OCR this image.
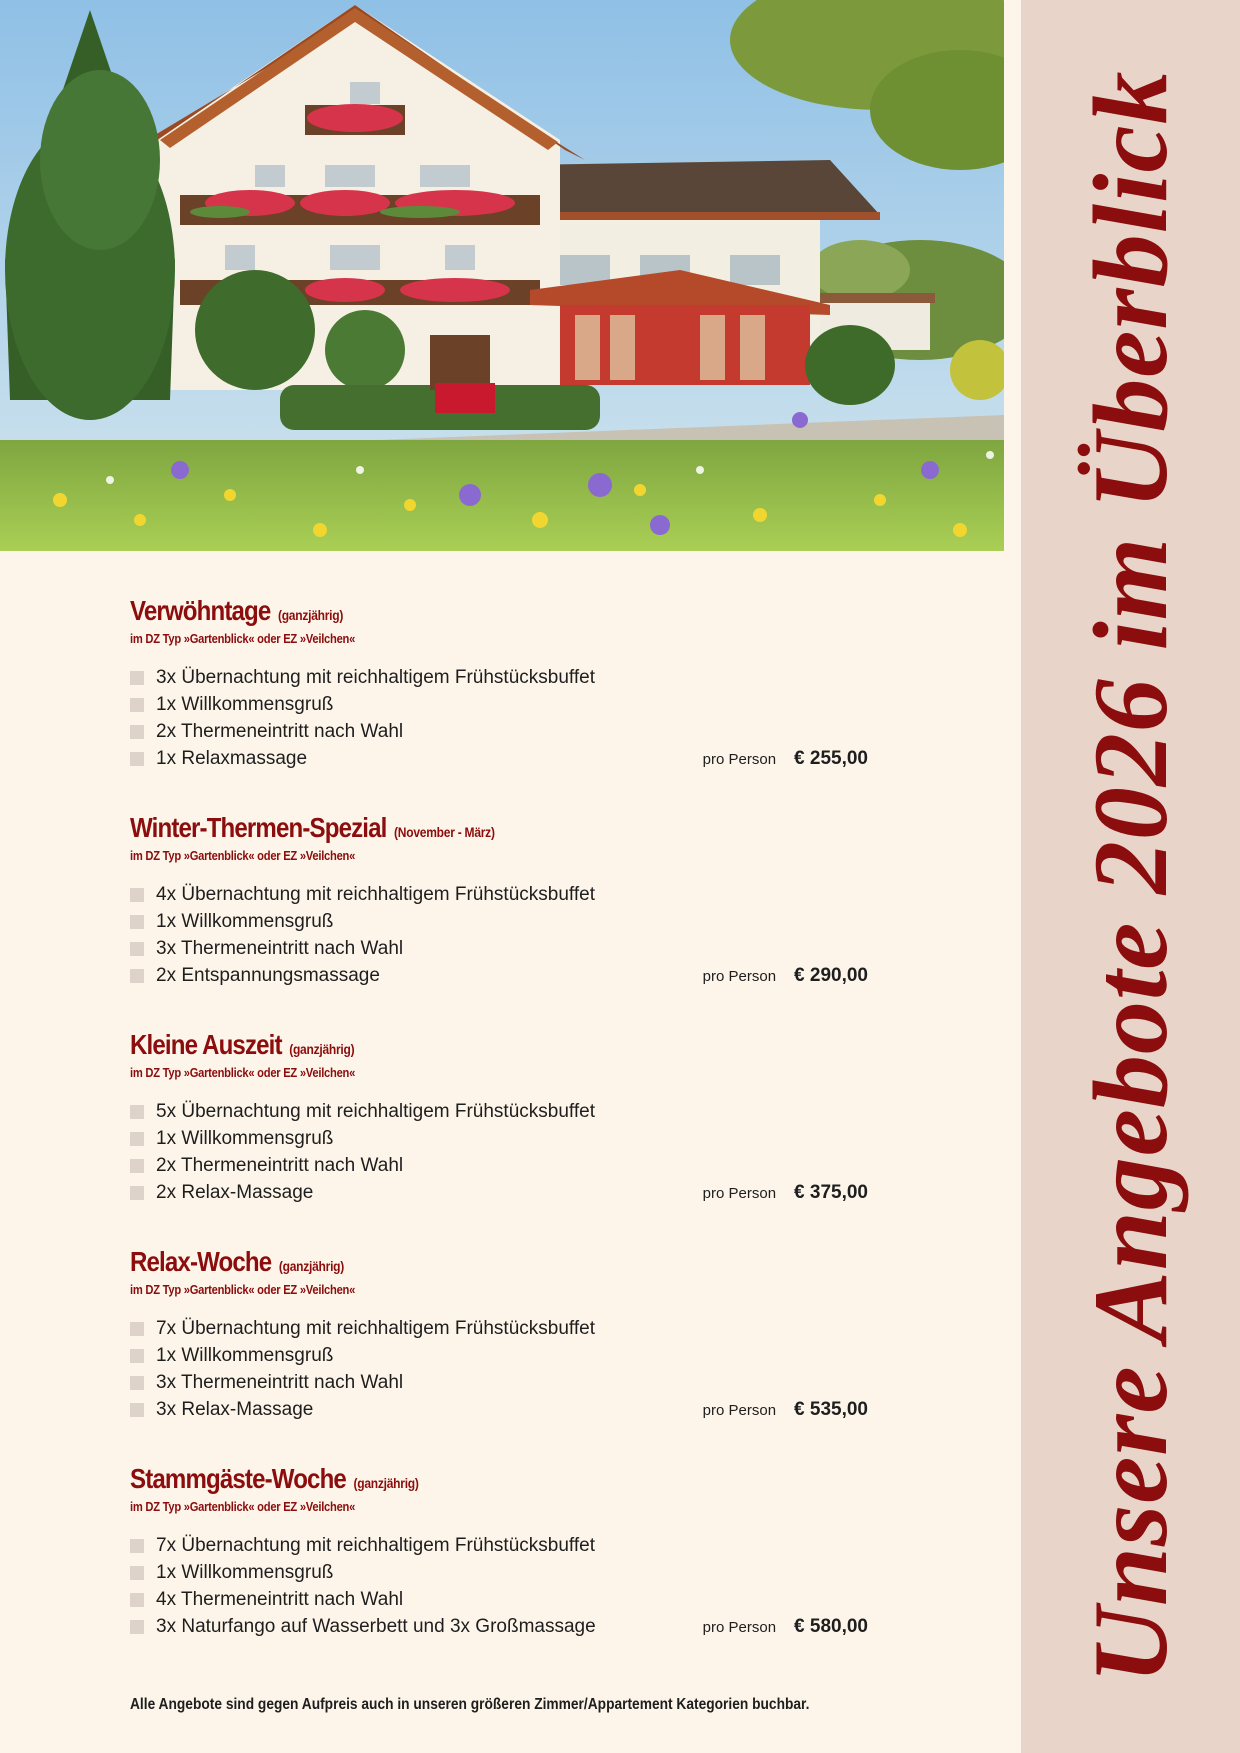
Unsere Angebote 2026 im Überblick
Verwöhntage (ganzjährig)
im DZ Typ »Gartenblick« oder EZ »Veilchen«
3x Übernachtung mit reichhaltigem Frühstücksbuffet
1x Willkommensgruß
2x Thermeneintritt nach Wahl
1x Relaxmassage	pro Person € 255,00
Winter-Thermen-Spezial (November - März)
im DZ Typ »Gartenblick« oder EZ »Veilchen«
4x Übernachtung mit reichhaltigem Frühstücksbuffet
1x Willkommensgruß
3x Thermeneintritt nach Wahl
2x Entspannungsmassage	pro Person € 290,00
Kleine Auszeit (ganzjährig)
im DZ Typ »Gartenblick« oder EZ »Veilchen«
5x Übernachtung mit reichhaltigem Frühstücksbuffet
1x Willkommensgruß
2x Thermeneintritt nach Wahl
2x Relax-Massage	pro Person € 375,00
Relax-Woche (ganzjährig)
im DZ Typ »Gartenblick« oder EZ »Veilchen«
7x Übernachtung mit reichhaltigem Frühstücksbuffet
1x Willkommensgruß
3x Thermeneintritt nach Wahl
3x Relax-Massage	pro Person € 535,00
Stammgäste-Woche (ganzjährig)
im DZ Typ »Gartenblick« oder EZ »Veilchen«
7x Übernachtung mit reichhaltigem Frühstücksbuffet
1x Willkommensgruß
4x Thermeneintritt nach Wahl
3x Naturfango auf Wasserbett und 3x Großmassage	pro Person € 580,00
Alle Angebote sind gegen Aufpreis auch in unseren größeren Zimmer/Appartement Kategorien buchbar.
